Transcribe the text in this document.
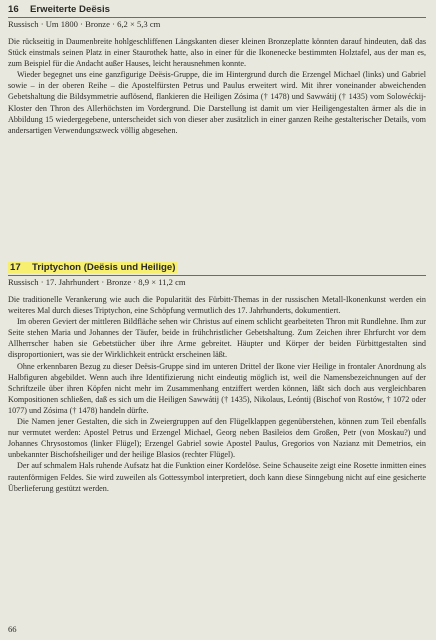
16 Erweiterte Deësis
Russisch · Um 1800 · Bronze · 6,2 × 5,3 cm

Die rückseitig in Daumenbreite hohlgeschliffenen Längskanten dieser kleinen Bronzeplatte könnten darauf hindeuten, daß das Stück einstmals seinen Platz in einer Staurothek hatte, also in einer für die Ikonenecke bestimmten Holztafel, aus der man es, zum Beispiel für die Andacht außer Hauses, leicht herausnehmen konnte.

Wieder begegnet uns eine ganzfigurige Deësis-Gruppe, die im Hintergrund durch die Erzengel Michael (links) und Gabriel sowie – in der oberen Reihe – die Apostelfürsten Petrus und Paulus erweitert wird. Mit ihrer voneinander abweichenden Gebetshaltung die Bildsymmetrie auflösend, flankieren die Heiligen Zósima († 1478) und Sawwátij († 1435) vom Solowéckij-Kloster den Thron des Allerhöchsten im Vordergrund. Die Darstellung ist damit um vier Heiligengestalten ärmer als die in Abbildung 15 wiedergegebene, unterscheidet sich von dieser aber zusätzlich in einer ganzen Reihe gestalterischer Details, vom andersartigen Verwendungszweck völlig abgesehen.

17 Triptychon (Deësis und Heilige)
Russisch · 17. Jahrhundert · Bronze · 8,9 × 11,2 cm

Die traditionelle Verankerung wie auch die Popularität des Fürbitt-Themas in der russischen Metall-Ikonenkunst werden ein weiteres Mal durch dieses Triptychon, eine Schöpfung vermutlich des 17. Jahrhunderts, dokumentiert.

Im oberen Geviert der mittleren Bildfläche sehen wir Christus auf einem schlicht gearbeiteten Thron mit Rundlehne. Ihm zur Seite stehen Maria und Johannes der Täufer, beide in frühchristlicher Gebetshaltung. Zum Zeichen ihrer Ehrfurcht vor dem Allherrscher haben sie Gebetstücher über ihre Arme gebreitet. Häupter und Körper der beiden Fürbittgestalten sind disproportioniert, was sie der Wirklichkeit entrückt erscheinen läßt.

Ohne erkennbaren Bezug zu dieser Deësis-Gruppe sind im unteren Drittel der Ikone vier Heilige in frontaler Anordnung als Halbfiguren abgebildet. Wenn auch ihre Identifizierung nicht eindeutig möglich ist, weil die Namensbezeichnungen auf der Schriftzeile über ihren Köpfen nicht mehr im Zusammenhang entziffert werden können, läßt sich doch aus vergleichbaren Kompositionen schließen, daß es sich um die Heiligen Sawwátij († 1435), Nikolaus, Leóntij (Bischof von Rostów, † 1072 oder 1077) und Zósima († 1478) handeln dürfte.

Die Namen jener Gestalten, die sich in Zweiergruppen auf den Flügelklappen gegenüberstehen, können zum Teil ebenfalls nur vermutet werden: Apostel Petrus und Erzengel Michael, Georg neben Basileios dem Großen, Petr (von Moskau?) und Johannes Chrysostomos (linker Flügel); Erzengel Gabriel sowie Apostel Paulus, Gregorios von Nazianz mit Demetrios, ein unbekannter Bischofsheiliger und der heilige Blasios (rechter Flügel).

Der auf schmalem Hals ruhende Aufsatz hat die Funktion einer Kordelöse. Seine Schauseite zeigt eine Rosette inmitten eines rautenförmigen Feldes. Sie wird zuweilen als Gottessymbol interpretiert, doch kann diese Sinngebung nicht auf eine gesicherte Überlieferung gestützt werden.

66
